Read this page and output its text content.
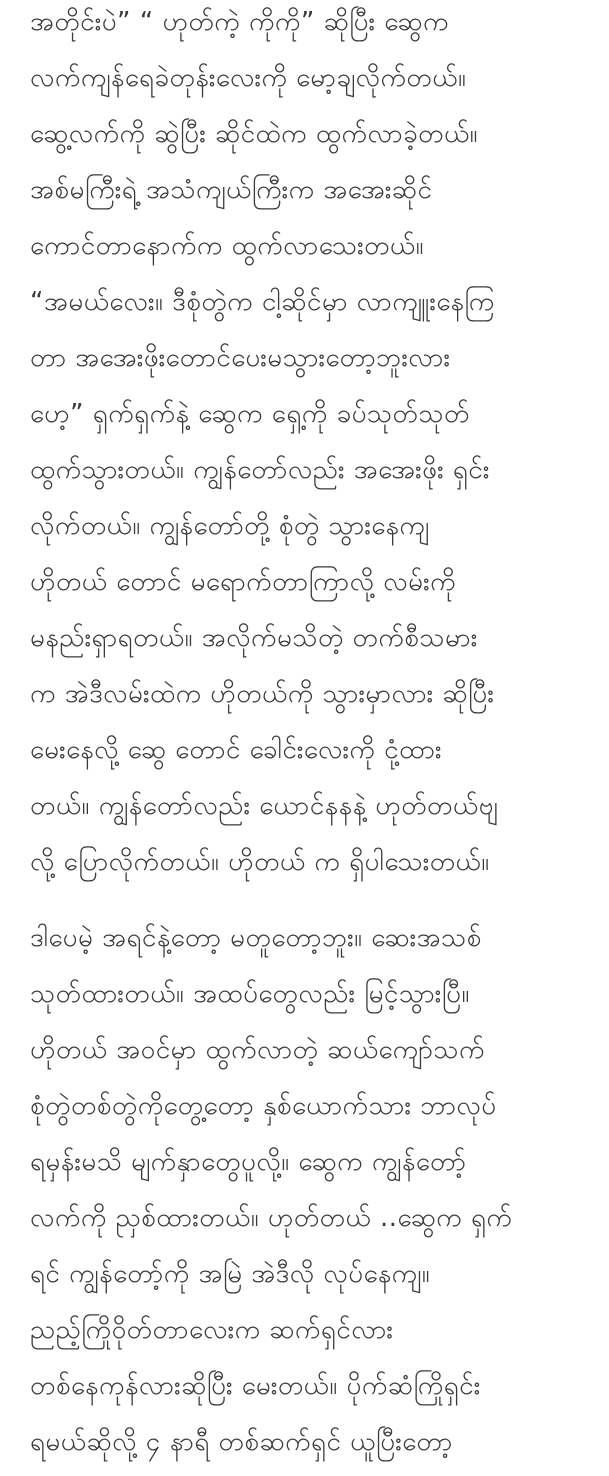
အတိုင်းပဲ” “ ဟုတ်ကဲ့ ကိုကို” ဆိုပြီး ဆွေက
လက်ကျန်ရေခဲတုန်းလေးကို မော့ချလိုက်တယ်။
ဆွေ့လက်ကို ဆွဲပြီး ဆိုင်ထဲက ထွက်လာခဲ့တယ်။
အစ်မကြီးရဲ့ အသံကျယ်ကြီးက အအေးဆိုင်
ကောင်တာနောက်က ထွက်လာသေးတယ်။
“အမယ်လေး။ ဒီစုံတွဲက ငါ့ဆိုင်မှာ လာကျူးနေကြ
တာ အအေးဖိုးတောင်ပေးမသွားတော့ဘူးလား
ဟေ့” ရှက်ရှက်နဲ့ ဆွေက ရှေ့ကို ခပ်သုတ်သုတ်
ထွက်သွားတယ်။ ကျွန်တော်လည်း အအေးဖိုး ရှင်း
လိုက်တယ်။ ကျွန်တော်တို့ စုံတွဲ သွားနေကျ
ဟိုတယ် တောင် မရောက်တာကြာလို့ လမ်းကို
မနည်းရှာရတယ်။ အလိုက်မသိတဲ့ တက်စီသမား
က အဲဒီလမ်းထဲက ဟိုတယ်ကို သွားမှာလား ဆိုပြီး
မေးနေလို့ ဆွေ တောင် ခေါင်းလေးကို ငုံ့ထား
တယ်။ ကျွန်တော်လည်း ယောင်နနနဲ့ ဟုတ်တယ်ဗျ
လို့ ပြောလိုက်တယ်။ ဟိုတယ် က ရှိပါသေးတယ်။
ဒါပေမဲ့ အရင်နဲ့တော့ မတူတော့ဘူး။ ဆေးအသစ်
သုတ်ထားတယ်။ အထပ်တွေလည်း မြင့်သွားပြီ။
ဟိုတယ် အဝင်မှာ ထွက်လာတဲ့ ဆယ်ကျော်သက်
စုံတွဲတစ်တွဲကိုတွေ့တော့ နှစ်ယောက်သား ဘာလုပ်
ရမှန်းမသိ မျက်နှာတွေပူလို့။ ဆွေက ကျွန်တော့်
လက်ကို ညှစ်ထားတယ်။ ဟုတ်တယ် ..ဆွေက ရှက်
ရင် ကျွန်တော့်ကို အမြဲ အဲဒီလို လုပ်နေကျ။
ညည့်ကြိုဝိုတ်တာလေးက ဆက်ရှင်လား
တစ်နေကုန်လားဆိုပြီး မေးတယ်။ ပိုက်ဆံကြိုရှင်း
ရမယ်ဆိုလို့ ၄ နာရီ တစ်ဆက်ရှင် ယူပြီးတော့
